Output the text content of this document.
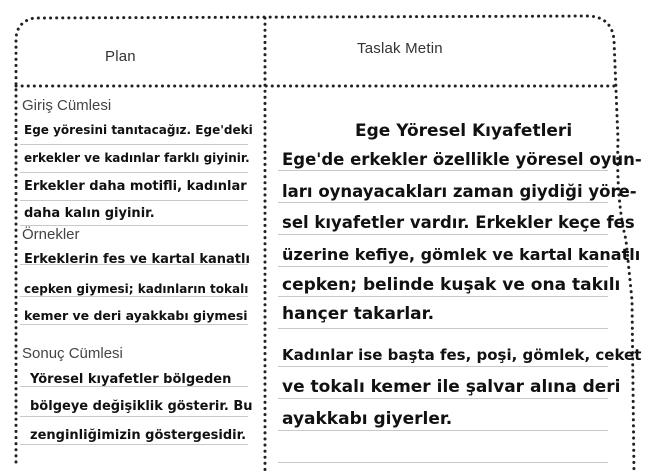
Plan	Taslak Metin
Giriş Cümlesi
Ege yöresini tanıtacağız. Ege'deki
erkekler ve kadınlar farklı giyinir.
Erkekler daha motifli, kadınlar
daha kalın giyinir.
Örnekler
Erkeklerin fes ve kartal kanatlı
cepken giymesi; kadınların tokalı
kemer ve deri ayakkabı giymesi
Sonuç Cümlesi
Yöresel kıyafetler bölgeden
bölgeye değişiklik gösterir. Bu
zenginliğimizin göstergesidir.
Ege Yöresel Kıyafetleri
Ege'de erkekler özellikle yöresel oyun-
ları oynayacakları zaman giydiği yöre-
sel kıyafetler vardır. Erkekler keçe fes
üzerine kefiye, gömlek ve kartal kanatlı
cepken; belinde kuşak ve ona takılı
hançer takarlar.
Kadınlar ise başta fes, poşi, gömlek, ceket
ve tokalı kemer ile şalvar alına deri
ayakkabı giyerler.
